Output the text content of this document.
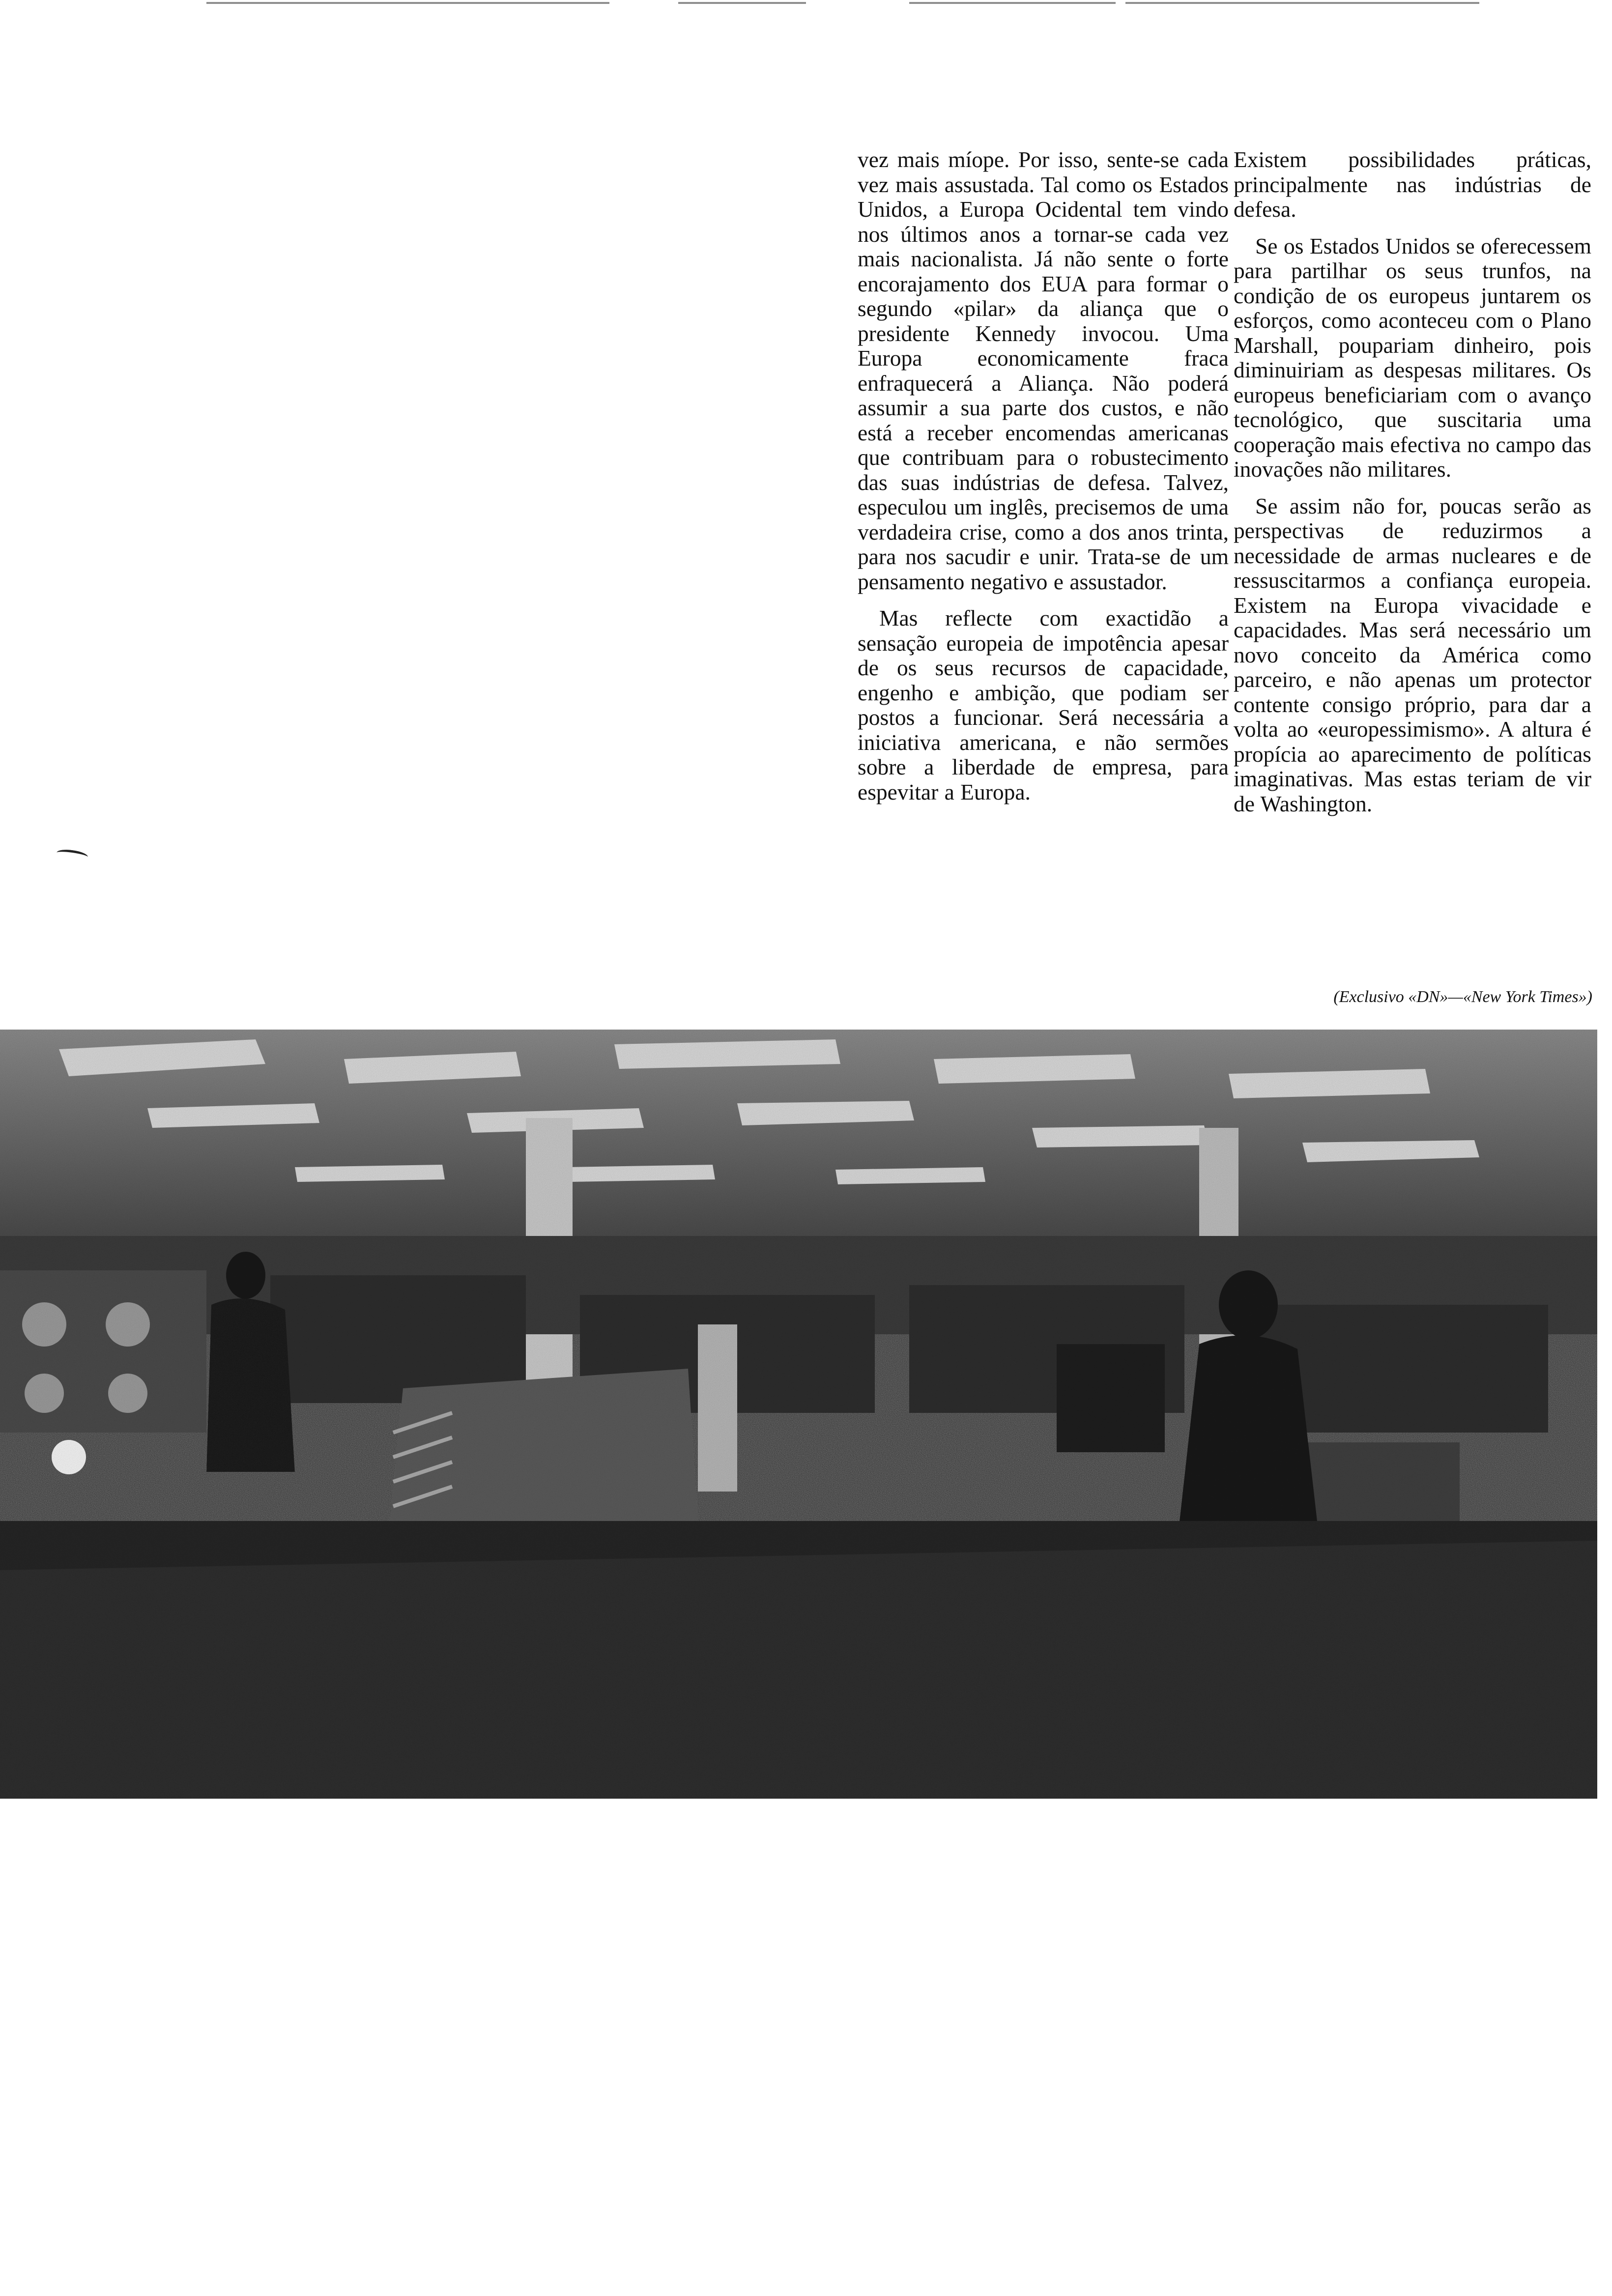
vez mais míope. Por isso, sente-se cada vez mais assustada. Tal como os Estados Unidos, a Europa Ocidental tem vindo nos últimos anos a tornar-se cada vez mais nacionalista. Já não sente o forte encorajamento dos EUA para formar o segundo «pilar» da aliança que o presidente Kennedy invocou. Uma Europa economicamente fraca enfraquecerá a Aliança. Não poderá assumir a sua parte dos custos, e não está a receber encomendas americanas que contribuam para o robustecimento das suas indústrias de defesa. Talvez, especulou um inglês, precisemos de uma verdadeira crise, como a dos anos trinta, para nos sacudir e unir. Trata-se de um pensamento negativo e assustador.

Mas reflecte com exactidão a sensação europeia de impotência apesar de os seus recursos de capacidade, engenho e ambição, que podiam ser postos a funcionar. Será necessária a iniciativa americana, e não sermões sobre a liberdade de empresa, para espevitar a Europa.

Existem possibilidades práticas, principalmente nas indústrias de defesa.

Se os Estados Unidos se oferecessem para partilhar os seus trunfos, na condição de os europeus juntarem os esforços, como aconteceu com o Plano Marshall, poupariam dinheiro, pois diminuiriam as despesas militares. Os europeus beneficiariam com o avanço tecnológico, que suscitaria uma cooperação mais efectiva no campo das inovações não militares.

Se assim não for, poucas serão as perspectivas de reduzirmos a necessidade de armas nucleares e de ressuscitarmos a confiança europeia. Existem na Europa vivacidade e capacidades. Mas será necessário um novo conceito da América como parceiro, e não apenas um protector contente consigo próprio, para dar a volta ao «europessimismo». A altura é propícia ao aparecimento de políticas imaginativas. Mas estas teriam de vir de Washington.

(Exclusivo «DN»—«New York Times»)
